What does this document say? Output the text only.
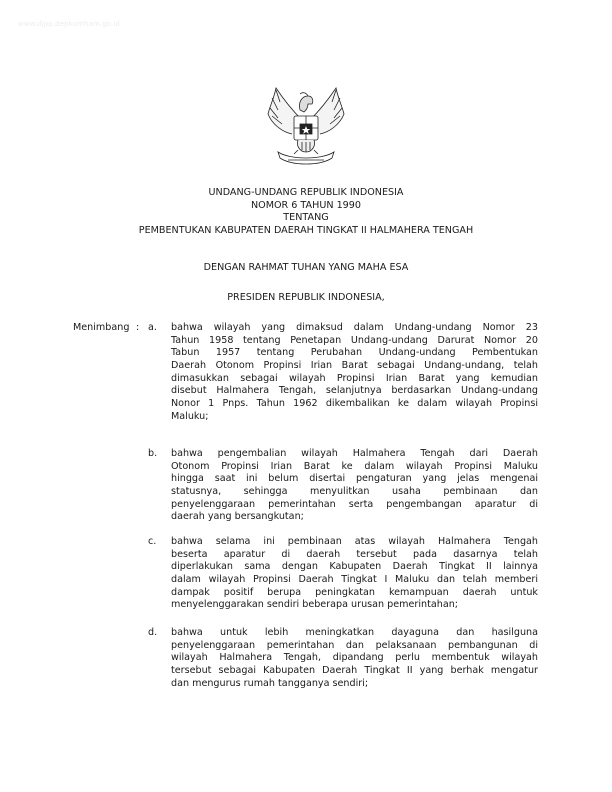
www.djpp.depkumham.go.id
UNDANG-UNDANG REPUBLIK INDONESIA
NOMOR 6 TAHUN 1990
TENTANG
PEMBENTUKAN KABUPATEN DAERAH TINGKAT II HALMAHERA TENGAH
DENGAN RAHMAT TUHAN YANG MAHA ESA
PRESIDEN REPUBLIK INDONESIA,
Menimbang : a.	bahwa wilayah yang dimaksud dalam Undang-undang Nomor 23
Tahun 1958 tentang Penetapan Undang-undang Darurat Nomor 20
Tabun 1957 tentang Perubahan Undang-undang Pembentukan
Daerah Otonom Propinsi Irian Barat sebagai Undang-undang, telah
dimasukkan sebagai wilayah Propinsi Irian Barat yang kemudian
disebut Halmahera Tengah, selanjutnya berdasarkan Undang-undang
Nonor 1 Pnps. Tahun 1962 dikembalikan ke dalam wilayah Propinsi
Maluku;
b.	bahwa pengembalian wilayah Halmahera Tengah dari Daerah
Otonom Propinsi Irian Barat ke dalam wilayah Propinsi Maluku
hingga saat ini belum disertai pengaturan yang jelas mengenai
statusnya, sehingga menyulitkan usaha pembinaan dan
penyelenggaraan pemerintahan serta pengembangan aparatur di
daerah yang bersangkutan;
c.	bahwa selama ini pembinaan atas wilayah Halmahera Tengah
beserta aparatur di daerah tersebut pada dasarnya telah
diperlakukan sama dengan Kabupaten Daerah Tingkat II lainnya
dalam wilayah Propinsi Daerah Tingkat I Maluku dan telah memberi
dampak positif berupa peningkatan kemampuan daerah untuk
menyelenggarakan sendiri beberapa urusan pemerintahan;
d.	bahwa untuk lebih meningkatkan dayaguna dan hasilguna
penyelenggaraan pemerintahan dan pelaksanaan pembangunan di
wilayah Halmahera Tengah, dipandang perlu membentuk wilayah
tersebut sebagai Kabupaten Daerah Tingkat II yang berhak mengatur
dan mengurus rumah tangganya sendiri;
